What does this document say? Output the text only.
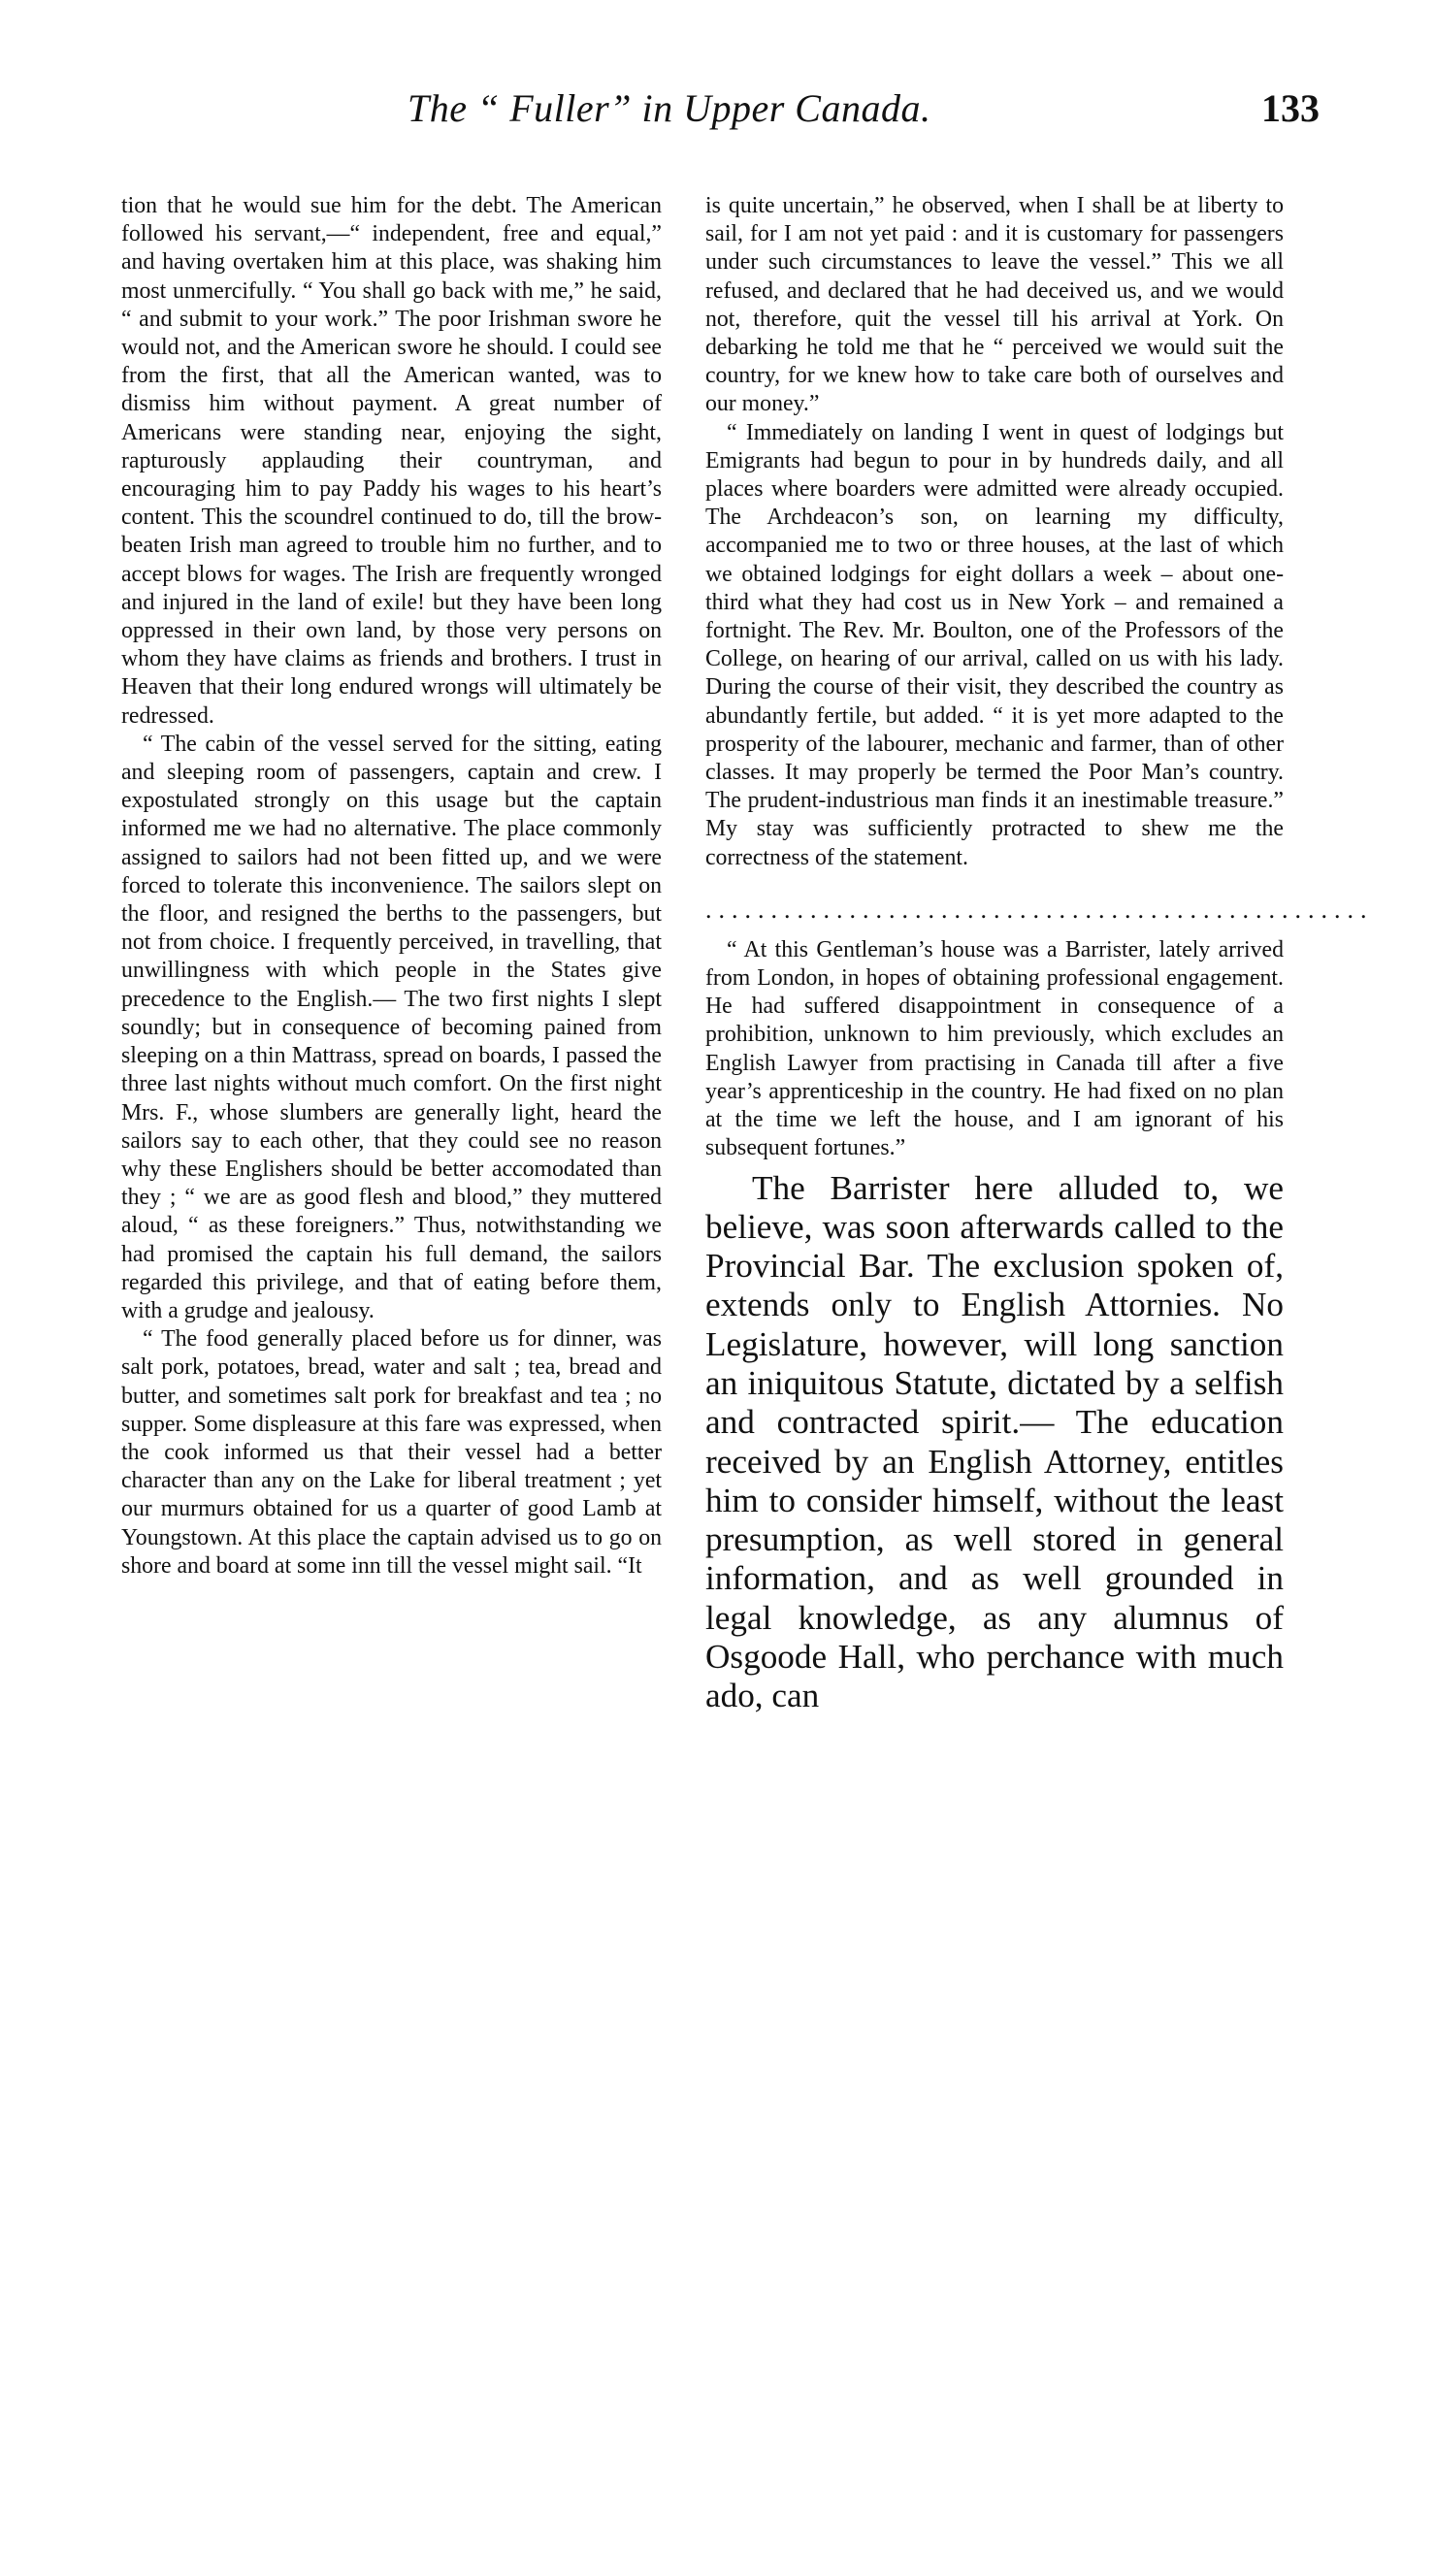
The “ Fuller” in Upper Canada.	133

tion that he would sue him for the debt. The American followed his servant,—“ independent, free and equal,” and having overtaken him at this place, was shaking him most unmercifully. “ You shall go back with me,” he said, “ and submit to your work.” The poor Irishman swore he would not, and the American swore he should. I could see from the first, that all the American wanted, was to dismiss him without payment. A great number of Americans were standing near, enjoying the sight, rapturously applauding their countryman, and encouraging him to pay Paddy his wages to his heart’s content. This the scoundrel continued to do, till the brow-beaten Irish man agreed to trouble him no further, and to accept blows for wages. The Irish are frequently wronged and injured in the land of exile! but they have been long oppressed in their own land, by those very persons on whom they have claims as friends and brothers. I trust in Heaven that their long endured wrongs will ultimately be redressed.

“ The cabin of the vessel served for the sitting, eating and sleeping room of passengers, captain and crew. I expostulated strongly on this usage but the captain informed me we had no alternative. The place commonly assigned to sailors had not been fitted up, and we were forced to tolerate this inconvenience. The sailors slept on the floor, and resigned the berths to the passengers, but not from choice. I frequently perceived, in travelling, that unwillingness with which people in the States give precedence to the English.— The two first nights I slept soundly; but in consequence of becoming pained from sleeping on a thin Mattrass, spread on boards, I passed the three last nights without much comfort. On the first night Mrs. F., whose slumbers are generally light, heard the sailors say to each other, that they could see no reason why these Englishers should be better accomodated than they ; “ we are as good flesh and blood,” they muttered aloud, “ as these foreigners.” Thus, notwithstanding we had promised the captain his full demand, the sailors regarded this privilege, and that of eating before them, with a grudge and jealousy.

“ The food generally placed before us for dinner, was salt pork, potatoes, bread, water and salt ; tea, bread and butter, and sometimes salt pork for breakfast and tea ; no supper. Some displeasure at this fare was expressed, when the cook informed us that their vessel had a better character than any on the Lake for liberal treatment ; yet our murmurs obtained for us a quarter of good Lamb at Youngstown. At this place the captain advised us to go on shore and board at some inn till the vessel might sail. “It

is quite uncertain,” he observed, when I shall be at liberty to sail, for I am not yet paid : and it is customary for passengers under such circumstances to leave the vessel.” This we all refused, and declared that he had deceived us, and we would not, therefore, quit the vessel till his arrival at York. On debarking he told me that he “ perceived we would suit the country, for we knew how to take care both of ourselves and our money.”

“ Immediately on landing I went in quest of lodgings but Emigrants had begun to pour in by hundreds daily, and all places where boarders were admitted were already occupied. The Archdeacon’s son, on learning my difficulty, accompanied me to two or three houses, at the last of which we obtained lodgings for eight dollars a week – about one-third what they had cost us in New York – and remained a fortnight. The Rev. Mr. Boulton, one of the Professors of the College, on hearing of our arrival, called on us with his lady. During the course of their visit, they described the country as abundantly fertile, but added. “ it is yet more adapted to the prosperity of the labourer, mechanic and farmer, than of other classes. It may properly be termed the Poor Man’s country. The prudent-industrious man finds it an inestimable treasure.” My stay was sufficiently protracted to shew me the correctness of the statement.

...................................................

“ At this Gentleman’s house was a Barrister, lately arrived from London, in hopes of obtaining professional engagement. He had suffered disappointment in consequence of a prohibition, unknown to him previously, which excludes an English Lawyer from practising in Canada till after a five year’s apprenticeship in the country. He had fixed on no plan at the time we left the house, and I am ignorant of his subsequent fortunes.”

The Barrister here alluded to, we believe, was soon afterwards called to the Provincial Bar. The exclusion spoken of, extends only to English Attornies. No Legislature, however, will long sanction an iniquitous Statute, dictated by a selfish and contracted spirit.— The education received by an English Attorney, entitles him to consider himself, without the least presumption, as well stored in general information, and as well grounded in legal knowledge, as any alumnus of Osgoode Hall, who perchance with much ado, can
